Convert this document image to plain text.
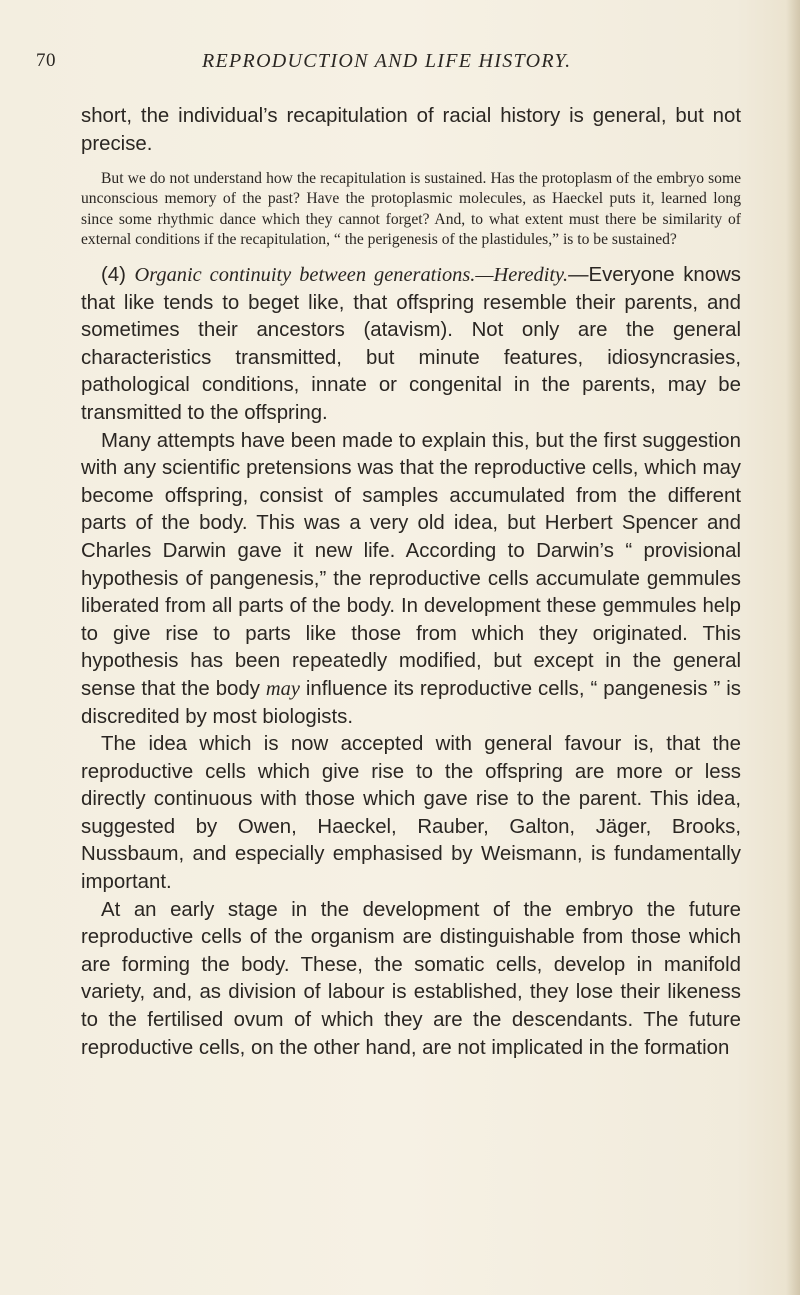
70	REPRODUCTION AND LIFE HISTORY.

short, the individual’s recapitulation of racial history is general, but not precise.

But we do not understand how the recapitulation is sustained. Has the protoplasm of the embryo some unconscious memory of the past? Have the protoplasmic molecules, as Haeckel puts it, learned long since some rhythmic dance which they cannot forget? And, to what extent must there be similarity of external conditions if the recapitulation, “ the perigenesis of the plastidules,” is to be sustained?

(4) Organic continuity between generations.—Heredity.—Everyone knows that like tends to beget like, that offspring resemble their parents, and sometimes their ancestors (atavism). Not only are the general characteristics transmitted, but minute features, idiosyncrasies, pathological conditions, innate or congenital in the parents, may be transmitted to the offspring.

Many attempts have been made to explain this, but the first suggestion with any scientific pretensions was that the reproductive cells, which may become offspring, consist of samples accumulated from the different parts of the body. This was a very old idea, but Herbert Spencer and Charles Darwin gave it new life. According to Darwin’s “ provisional hypothesis of pangenesis,” the reproductive cells accumulate gemmules liberated from all parts of the body. In development these gemmules help to give rise to parts like those from which they originated. This hypothesis has been repeatedly modified, but except in the general sense that the body may influence its reproductive cells, “ pangenesis ” is discredited by most biologists.

The idea which is now accepted with general favour is, that the reproductive cells which give rise to the offspring are more or less directly continuous with those which gave rise to the parent. This idea, suggested by Owen, Haeckel, Rauber, Galton, Jäger, Brooks, Nussbaum, and especially emphasised by Weismann, is fundamentally important.

At an early stage in the development of the embryo the future reproductive cells of the organism are distinguishable from those which are forming the body. These, the somatic cells, develop in manifold variety, and, as division of labour is established, they lose their likeness to the fertilised ovum of which they are the descendants. The future reproductive cells, on the other hand, are not implicated in the formation
